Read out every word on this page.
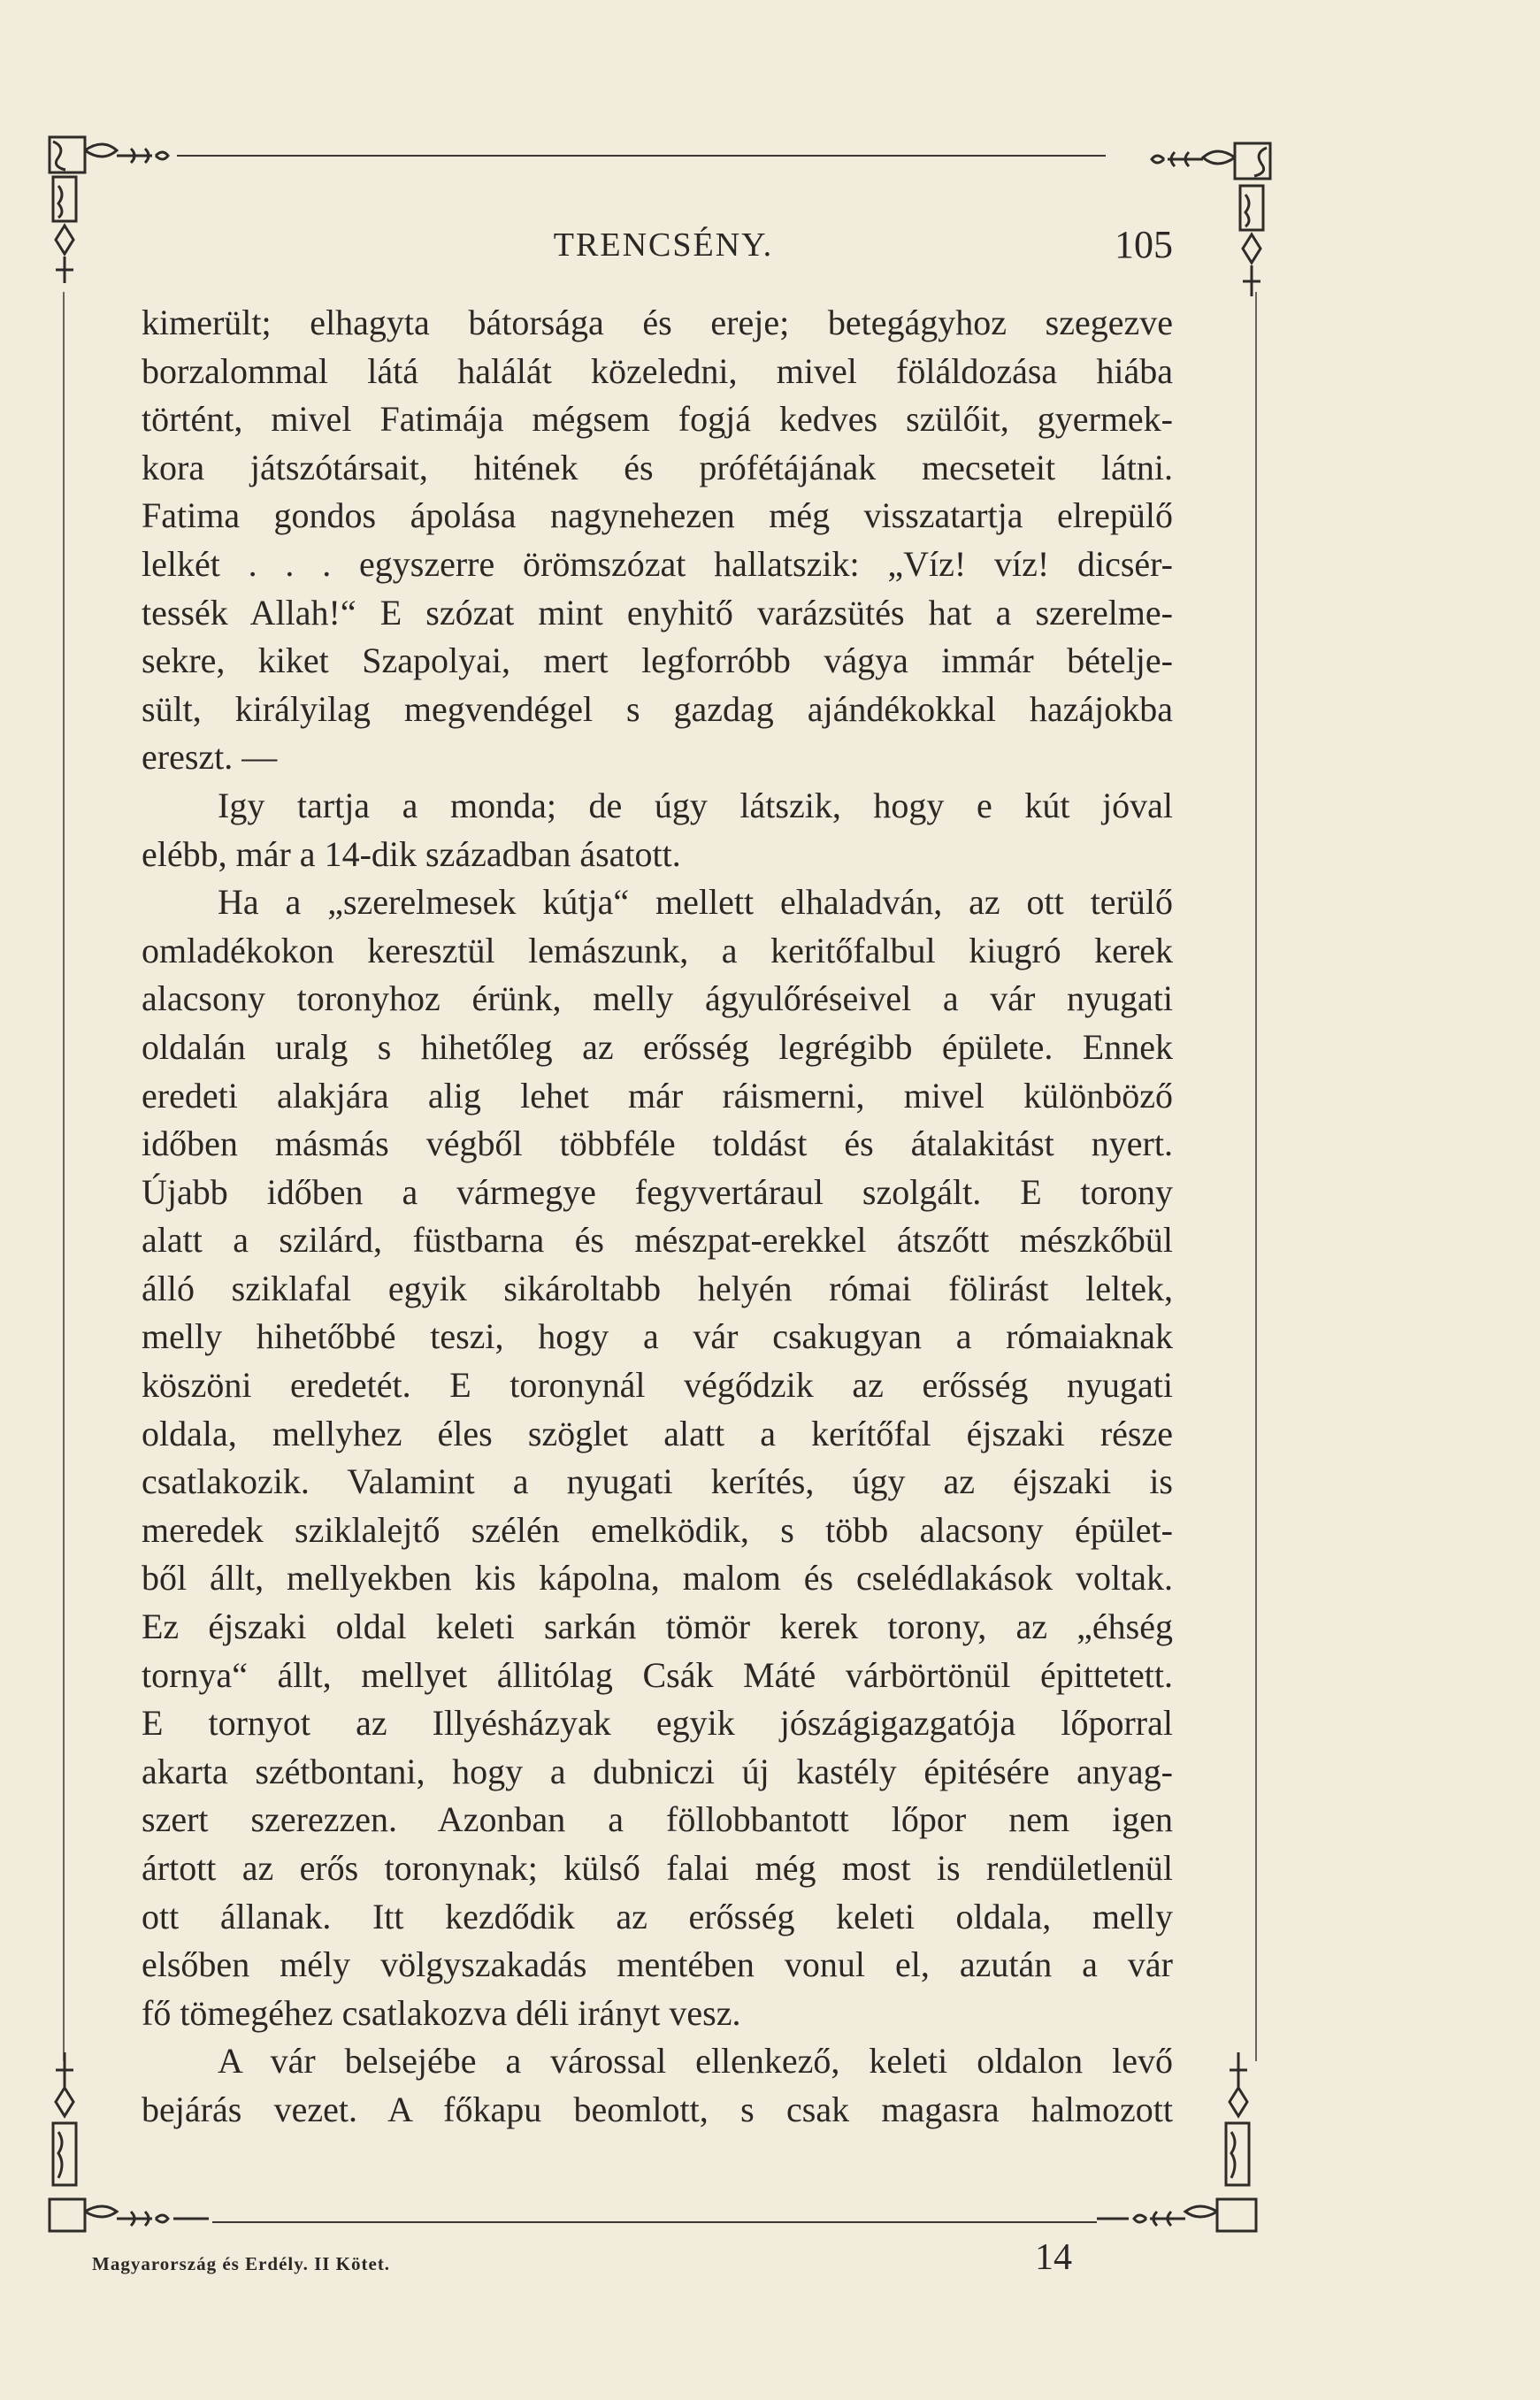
TRENCSÉNY.	105
kimerült; elhagyta bátorsága és ereje; betegágyhoz szegezve
borzalommal látá halálát közeledni, mivel föláldozása hiába
történt, mivel Fatimája mégsem fogjá kedves szülőit, gyermek-
kora játszótársait, hitének és prófétájának mecseteit látni.
Fatima gondos ápolása nagynehezen még visszatartja elrepülő
lelkét . . . egyszerre örömszózat hallatszik: „Víz! víz! dicsér-
tessék Allah!“ E szózat mint enyhitő varázsütés hat a szerelme-
sekre, kiket Szapolyai, mert legforróbb vágya immár bételje-
sült, királyilag megvendégel s gazdag ajándékokkal hazájokba
ereszt. —
Igy tartja a monda; de úgy látszik, hogy e kút jóval
elébb, már a 14-dik században ásatott.
Ha a „szerelmesek kútja“ mellett elhaladván, az ott terülő
omladékokon keresztül lemászunk, a keritőfalbul kiugró kerek
alacsony toronyhoz érünk, melly ágyulőréseivel a vár nyugati
oldalán uralg s hihetőleg az erősség legrégibb épülete. Ennek
eredeti alakjára alig lehet már ráismerni, mivel különböző
időben másmás végből többféle toldást és átalakitást nyert.
Újabb időben a vármegye fegyvertáraul szolgált. E torony
alatt a szilárd, füstbarna és mészpat-erekkel átszőtt mészkőbül
álló sziklafal egyik sikároltabb helyén római fölirást leltek,
melly hihetőbbé teszi, hogy a vár csakugyan a rómaiaknak
köszöni eredetét. E toronynál végődzik az erősség nyugati
oldala, mellyhez éles szöglet alatt a kerítőfal éjszaki része
csatlakozik. Valamint a nyugati kerítés, úgy az éjszaki is
meredek sziklalejtő szélén emelködik, s több alacsony épület-
ből állt, mellyekben kis kápolna, malom és cselédlakások voltak.
Ez éjszaki oldal keleti sarkán tömör kerek torony, az „éhség
tornya“ állt, mellyet állitólag Csák Máté várbörtönül épittetett.
E tornyot az Illyésházyak egyik jószágigazgatója lőporral
akarta szétbontani, hogy a dubniczi új kastély épitésére anyag-
szert szerezzen. Azonban a föllobbantott lőpor nem igen
ártott az erős toronynak; külső falai még most is rendületlenül
ott állanak. Itt kezdődik az erősség keleti oldala, melly
elsőben mély völgyszakadás mentében vonul el, azután a vár
fő tömegéhez csatlakozva déli irányt vesz.
A vár belsejébe a várossal ellenkező, keleti oldalon levő
bejárás vezet. A főkapu beomlott, s csak magasra halmozott
Magyarország és Erdély. II Kötet.	14
